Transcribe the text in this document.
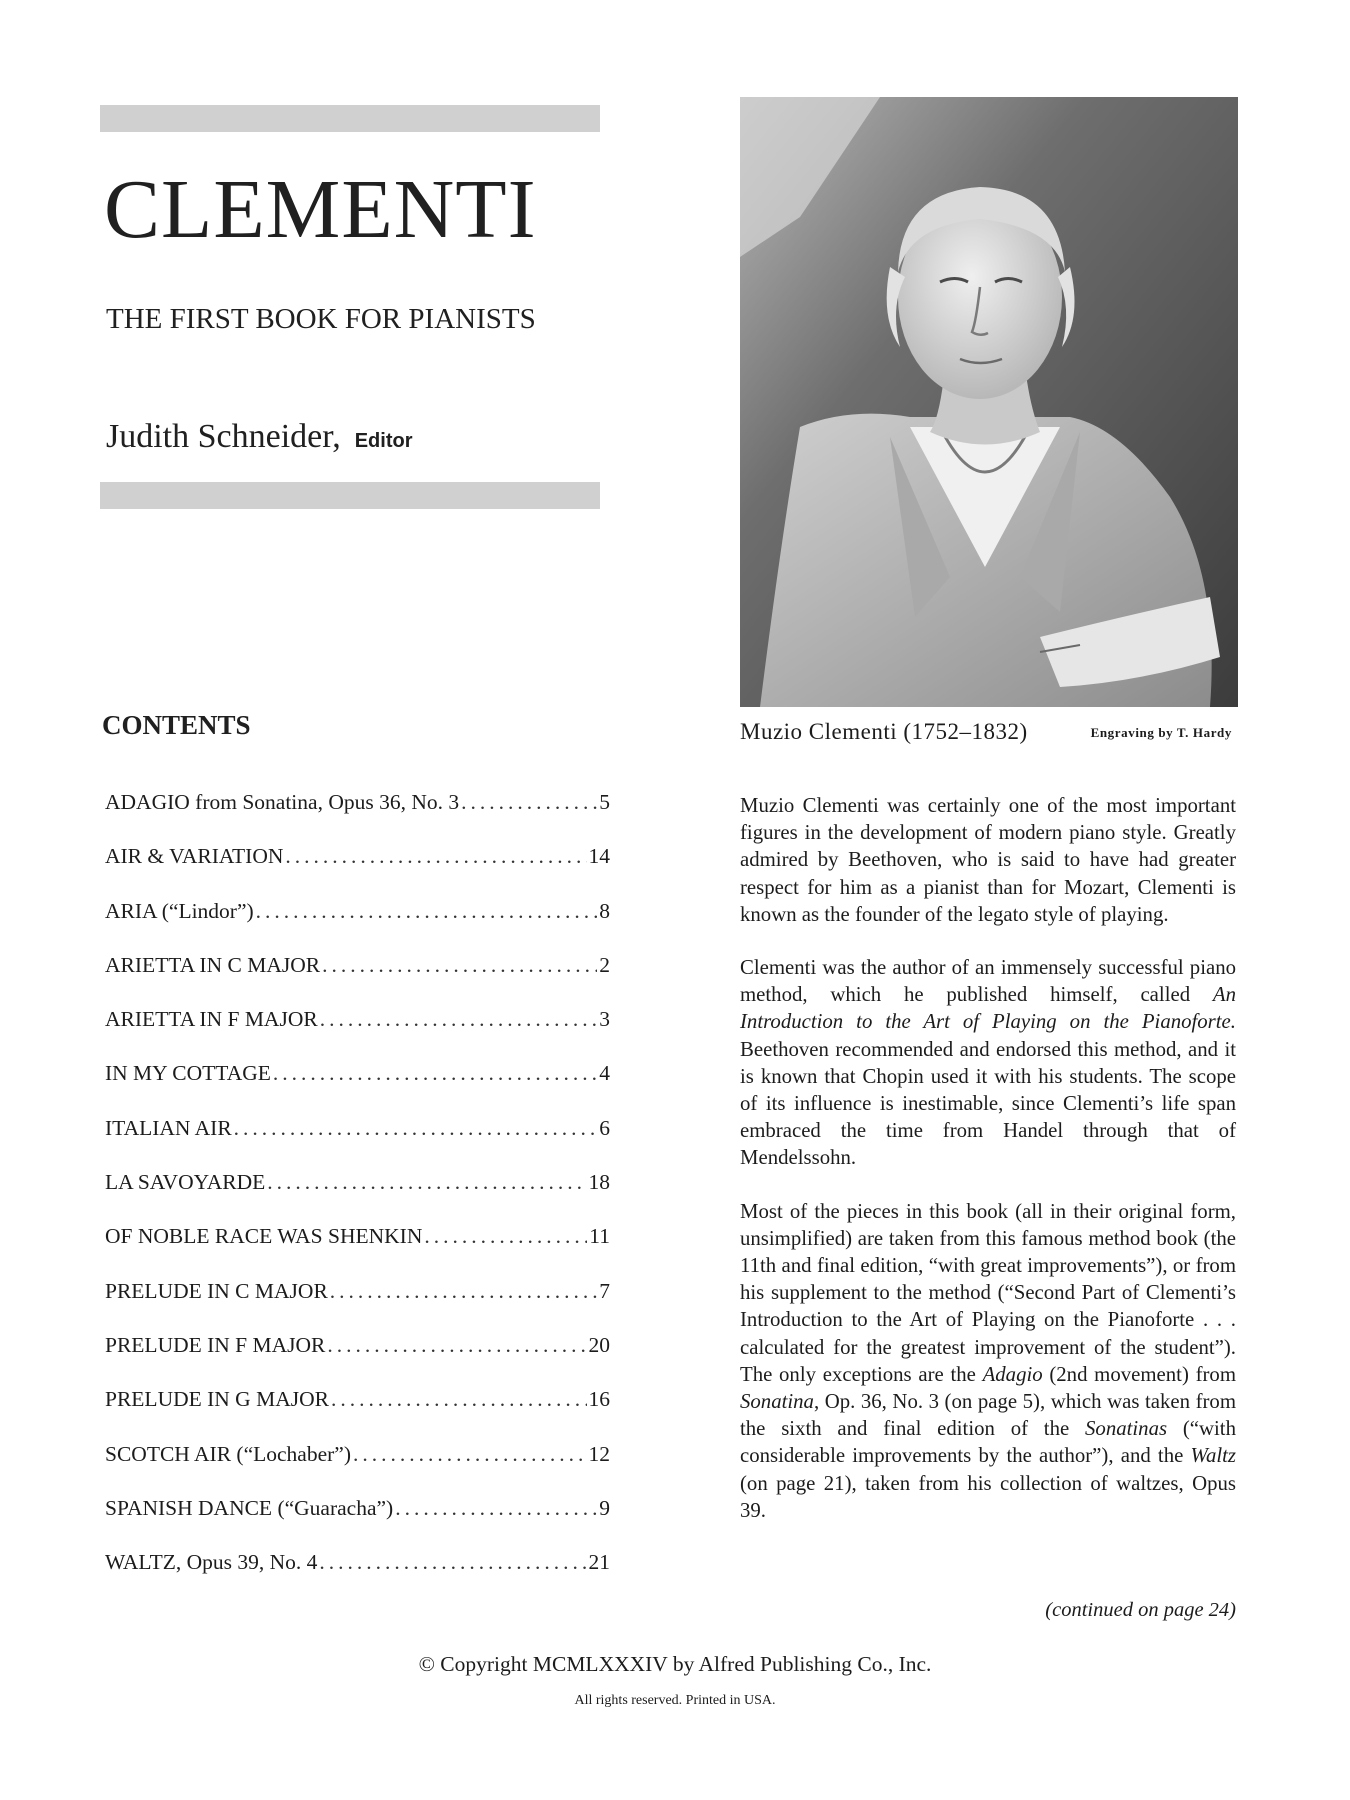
CLEMENTI
THE FIRST BOOK FOR PIANISTS
Judith Schneider, Editor
Muzio Clementi (1752–1832)	Engraving by T. Hardy
CONTENTS
ADAGIO from Sonatina, Opus 36, No. 3 .....	5
AIR & VARIATION .....	14
ARIA (“Lindor”) .....	8
ARIETTA IN C MAJOR .....	2
ARIETTA IN F MAJOR .....	3
IN MY COTTAGE .....	4
ITALIAN AIR .....	6
LA SAVOYARDE .....	18
OF NOBLE RACE WAS SHENKIN .....	11
PRELUDE IN C MAJOR .....	7
PRELUDE IN F MAJOR .....	20
PRELUDE IN G MAJOR .....	16
SCOTCH AIR (“Lochaber”) .....	12
SPANISH DANCE (“Guaracha”) .....	9
WALTZ, Opus 39, No. 4 .....	21

Muzio Clementi was certainly one of the most important figures in the development of modern piano style. Greatly admired by Beethoven, who is said to have had greater respect for him as a pianist than for Mozart, Clementi is known as the founder of the legato style of playing.

Clementi was the author of an immensely successful piano method, which he published himself, called An Introduction to the Art of Playing on the Pianoforte. Beethoven recommended and endorsed this method, and it is known that Chopin used it with his students. The scope of its influence is inestimable, since Clementi’s life span embraced the time from Handel through that of Mendelssohn.

Most of the pieces in this book (all in their original form, unsimplified) are taken from this famous method book (the 11th and final edition, “with great improvements”), or from his supplement to the method (“Second Part of Clementi’s Introduction to the Art of Playing on the Pianoforte . . . calculated for the greatest improvement of the student”). The only exceptions are the Adagio (2nd movement) from Sonatina, Op. 36, No. 3 (on page 5), which was taken from the sixth and final edition of the Sonatinas (“with considerable improvements by the author”), and the Waltz (on page 21), taken from his collection of waltzes, Opus 39.

(continued on page 24)
© Copyright MCMLXXXIV by Alfred Publishing Co., Inc.
All rights reserved. Printed in USA.
